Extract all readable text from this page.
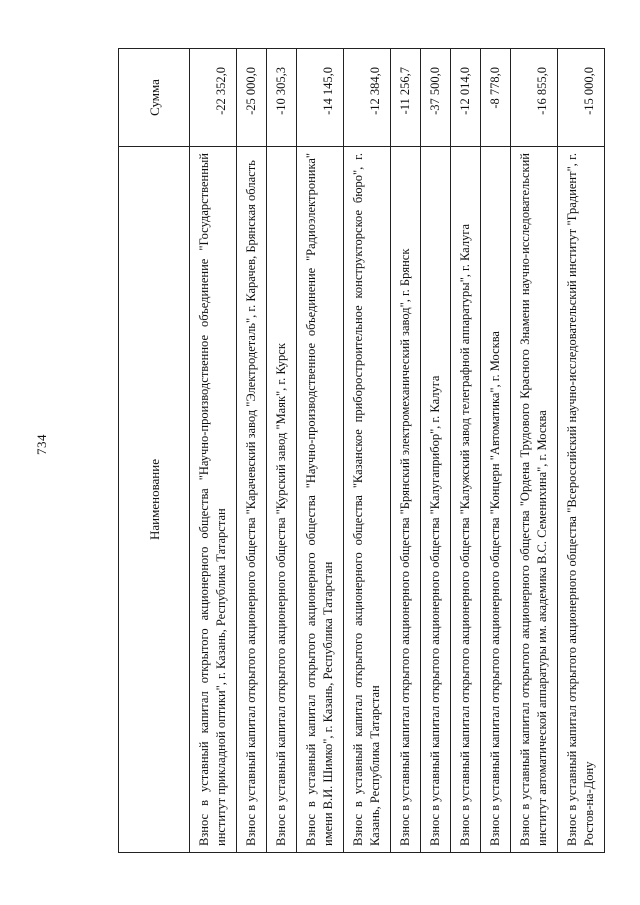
734
Наименование	Сумма
Взнос в уставный капитал открытого акционерного общества "Научно-производственное объединение "Государственный институт прикладной оптики", г. Казань, Республика Татарстан	-22 352,0
Взнос в уставный капитал открытого акционерного общества "Карачевский завод "Электродеталь", г. Карачев, Брянская область	-25 000,0
Взнос в уставный капитал открытого акционерного общества "Курский завод "Маяк", г. Курск	-10 305,3
Взнос в уставный капитал открытого акционерного общества "Научно-производственное объединение "Радиоэлектроника" имени В.И. Шимко", г. Казань, Республика Татарстан	-14 145,0
Взнос в уставный капитал открытого акционерного общества "Казанское приборостроительное конструкторское бюро", г. Казань, Республика Татарстан	-12 384,0
Взнос в уставный капитал открытого акционерного общества "Брянский электромеханический завод", г. Брянск	-11 256,7
Взнос в уставный капитал открытого акционерного общества "Калугаприбор", г. Калуга	-37 500,0
Взнос в уставный капитал открытого акционерного общества "Калужский завод телеграфной аппаратуры", г. Калуга	-12 014,0
Взнос в уставный капитал открытого акционерного общества "Концерн "Автоматика", г. Москва	-8 778,0
Взнос в уставный капитал открытого акционерного общества "Ордена Трудового Красного Знамени научно-исследовательский институт автоматической аппаратуры им. академика В.С. Семенихина", г. Москва	-16 855,0
Взнос в уставный капитал открытого акционерного общества "Всероссийский научно-исследовательский институт "Градиент", г. Ростов-на-Дону	-15 000,0
